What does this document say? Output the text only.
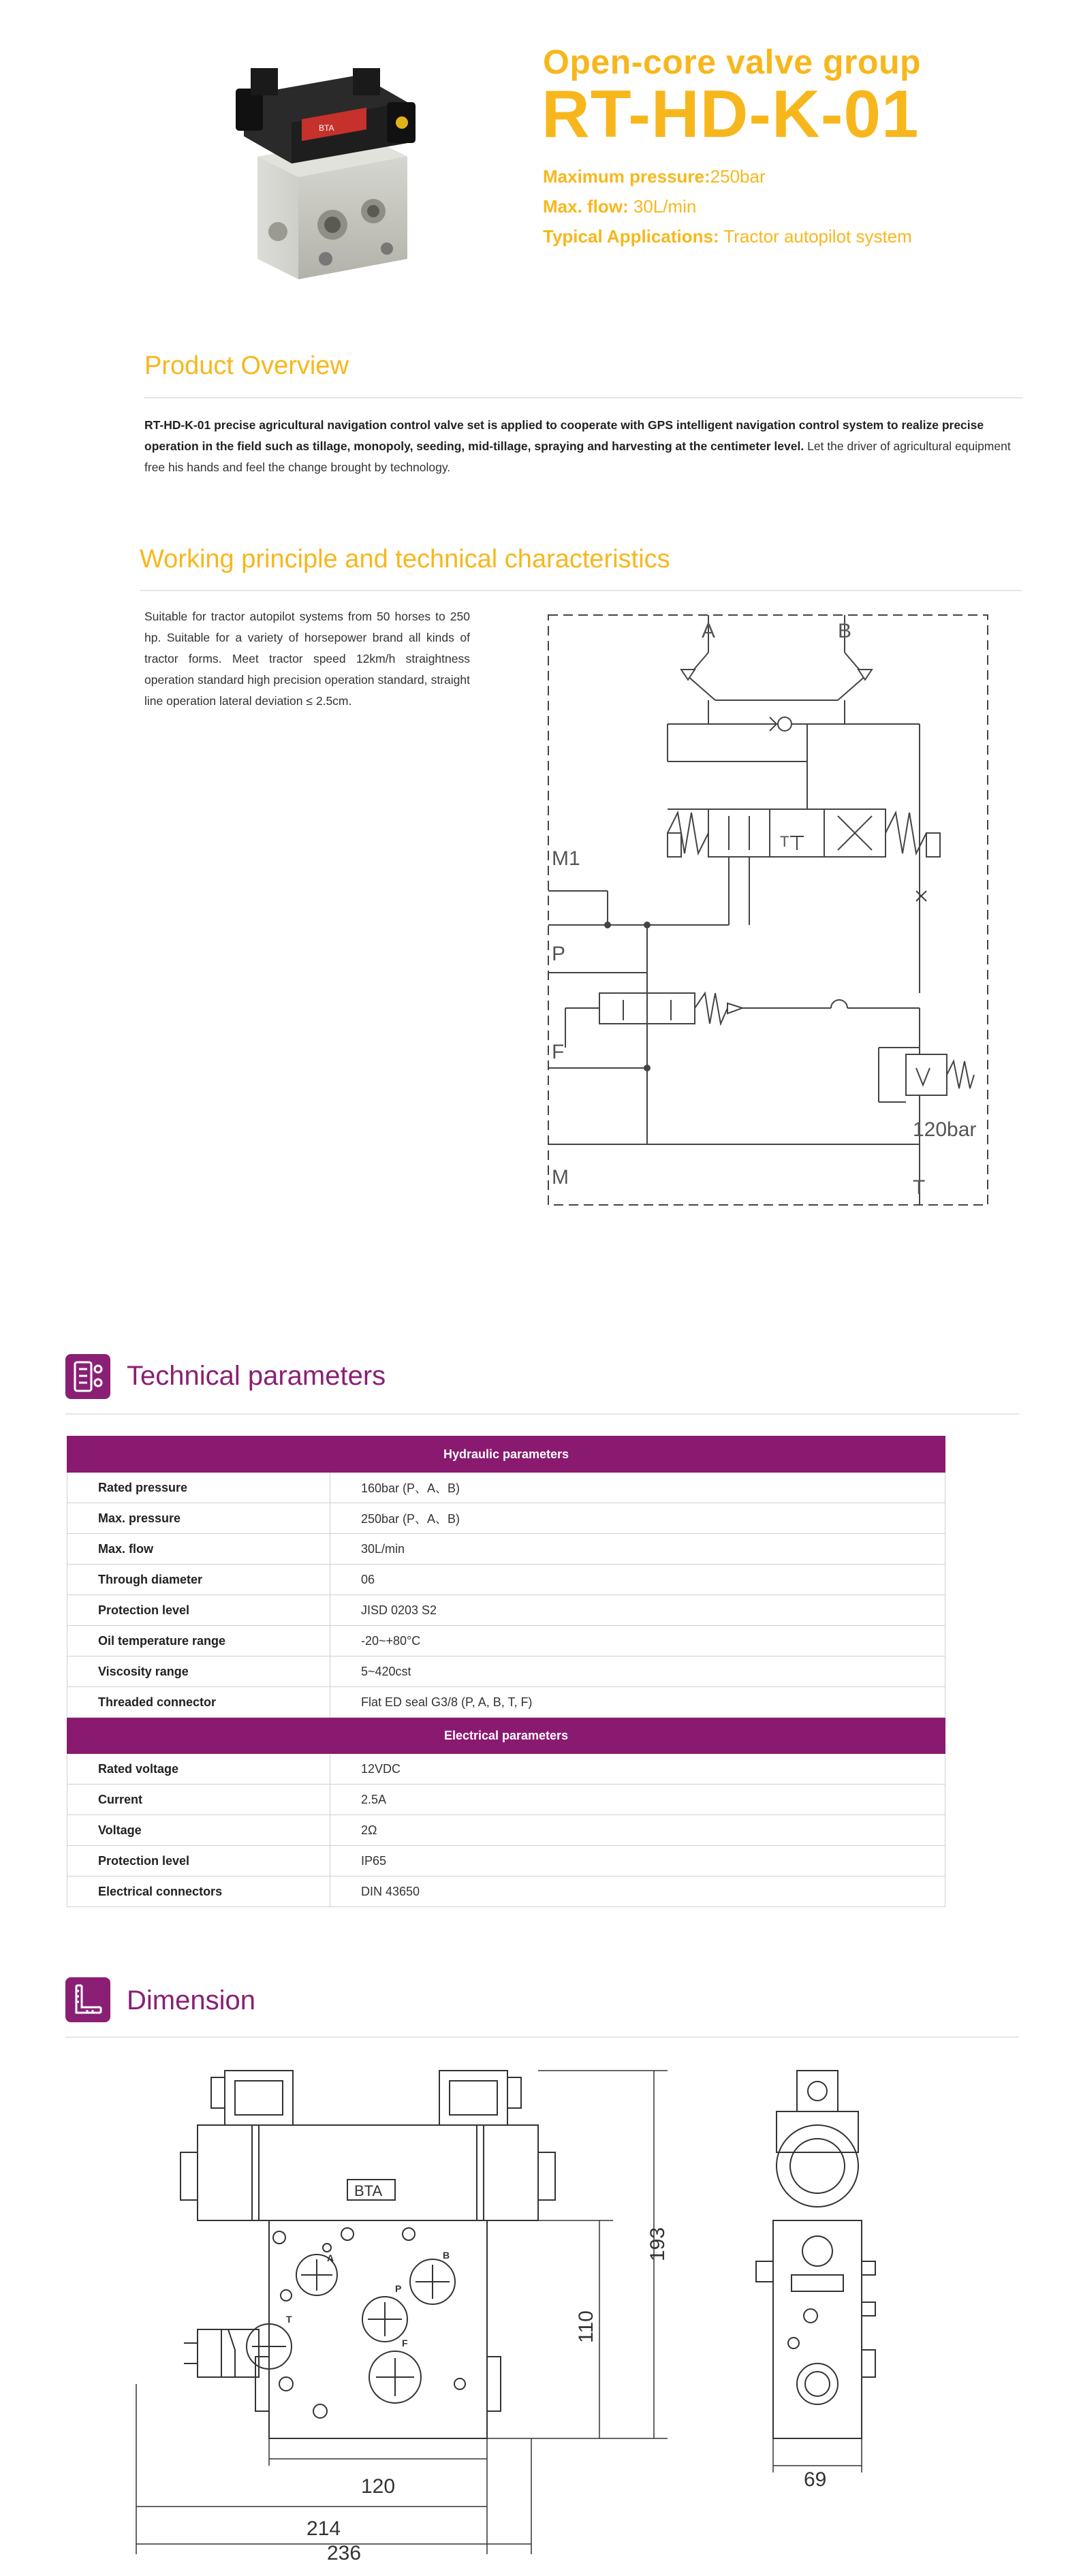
BTA
Open-core valve group
RT-HD-K-01
Maximum pressure:250bar
Max. flow: 30L/min
Typical Applications: Tractor autopilot system
Product Overview
RT-HD-K-01 precise agricultural navigation control valve set is applied to cooperate with GPS intelligent navigation control system to realize precise operation in the field such as tillage, monopoly, seeding, mid-tillage, spraying and harvesting at the centimeter level. Let the driver of agricultural equipment free his hands and feel the change brought by technology.
Working principle and technical characteristics
Suitable for tractor autopilot systems from 50 horses to 250 hp. Suitable for a variety of horsepower brand all kinds of tractor forms. Meet tractor speed 12km/h straightness operation standard high precision operation standard, straight line operation lateral deviation ≤ 2.5cm.
A	B
M1
P
F
M
T
T
120bar
Technical parameters
Hydraulic parameters	
Rated pressure	160bar (P、A、B)
Max. pressure	250bar (P、A、B)
Max. flow	30L/min
Through diameter	06
Protection level	JISD 0203 S2
Oil temperature range	-20~+80°C
Viscosity range	5~420cst
Threaded connector	Flat ED seal G3/8 (P, A, B, T, F)
Electrical parameters	
Rated voltage	12VDC
Current	2.5A
Voltage	2Ω
Protection level	IP65
Electrical connectors	DIN 43650
Dimension
BTA
A	B
T
P
F
120
214
236
193
110
69
